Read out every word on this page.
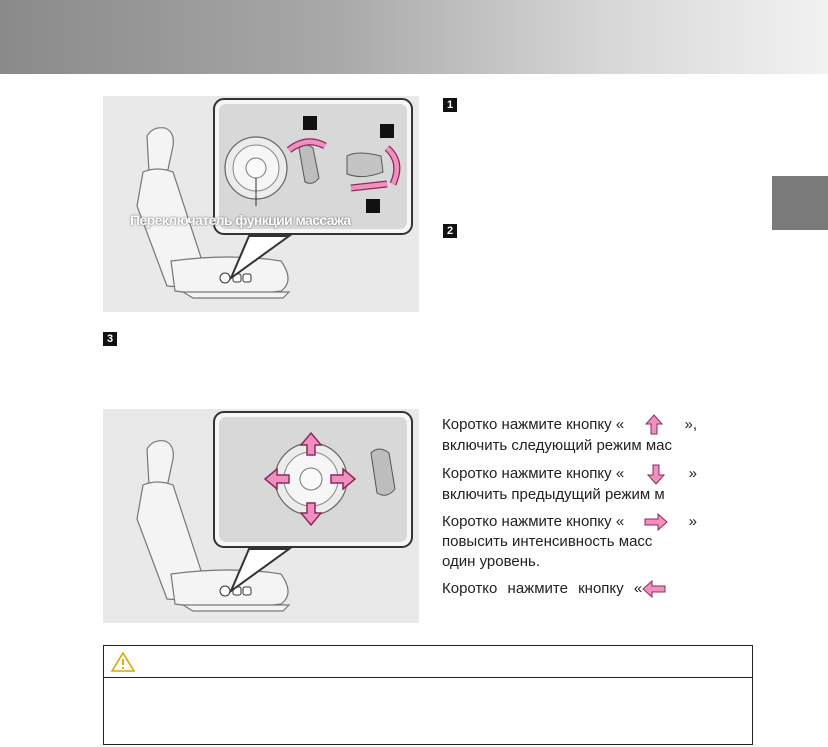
Переключатель функции массажа
1
2
3
Коротко нажмите кнопку «	»,
включить следующий режим мас
Коротко нажмите кнопку «	»
включить предыдущий режим м
Коротко нажмите кнопку «	»
повысить интенсивность масс
один уровень.
Коротко нажмите кнопку «
